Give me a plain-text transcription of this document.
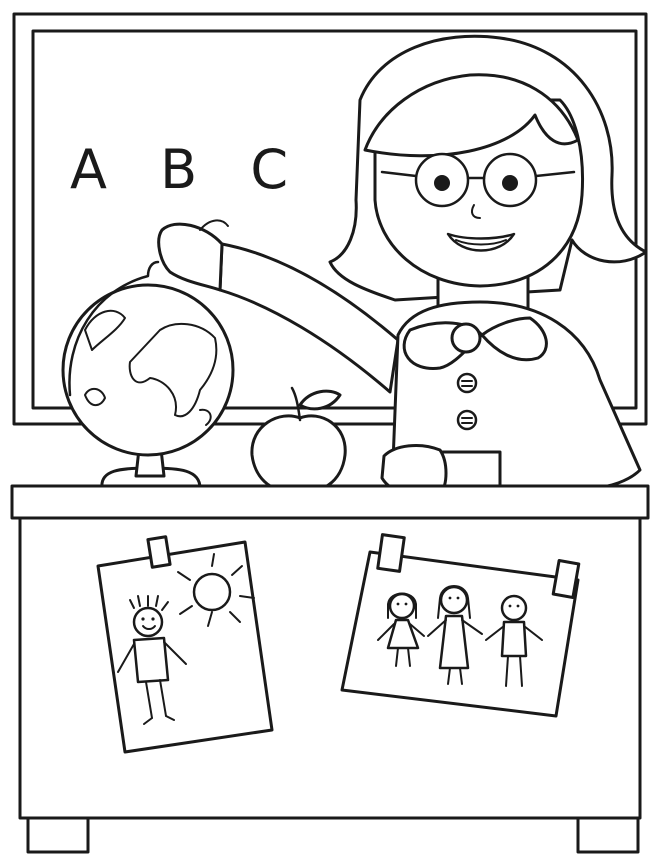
A B C
